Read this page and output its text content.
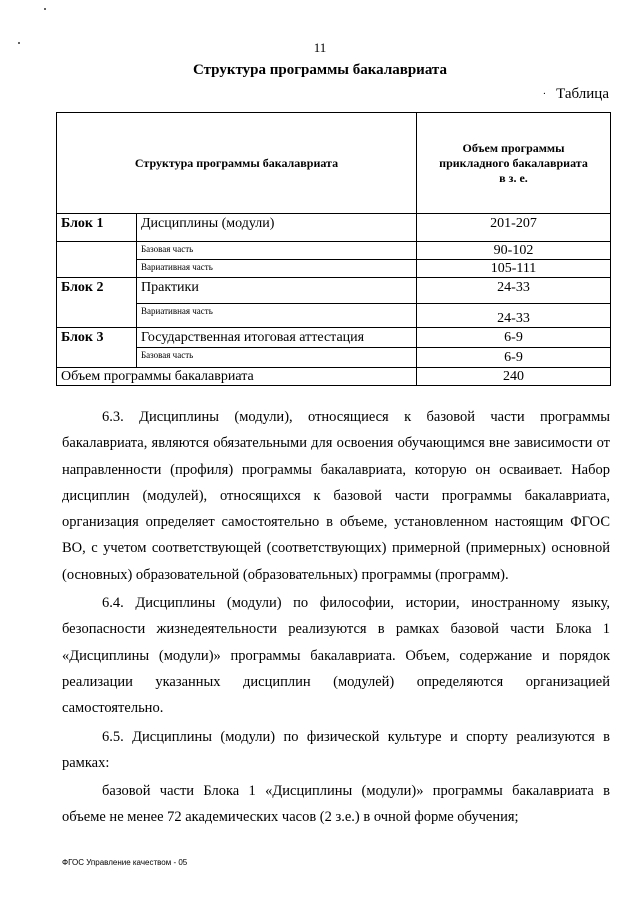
11
Структура программы бакалавриата
· Таблица
Структура программы бакалавриата		Объем программы
прикладного бакалавриата
в з. е.
Блок 1	Дисциплины (модули)	201-207
	Базовая часть	90-102
	Вариативная часть	105-111
Блок 2	Практики	24-33
	Вариативная часть	24-33
Блок 3	Государственная итоговая аттестация	6-9
	Базовая часть	6-9
Объем программы бакалавриата		240

6.3. Дисциплины (модули), относящиеся к базовой части программы бакалавриата, являются обязательными для освоения обучающимся вне зависимости от направленности (профиля) программы бакалавриата, которую он осваивает. Набор дисциплин (модулей), относящихся к базовой части программы бакалавриата, организация определяет самостоятельно в объеме, установленном настоящим ФГОС ВО, с учетом соответствующей (соответствующих) примерной (примерных) основной (основных) образовательной (образовательных) программы (программ).

6.4. Дисциплины (модули) по философии, истории, иностранному языку, безопасности жизнедеятельности реализуются в рамках базовой части Блока 1 «Дисциплины (модули)» программы бакалавриата. Объем, содержание и порядок реализации указанных дисциплин (модулей) определяются организацией самостоятельно.

6.5. Дисциплины (модули) по физической культуре и спорту реализуются в рамках:

базовой части Блока 1 «Дисциплины (модули)» программы бакалавриата в объеме не менее 72 академических часов (2 з.е.) в очной форме обучения;

ФГОС Управление качеством - 05
